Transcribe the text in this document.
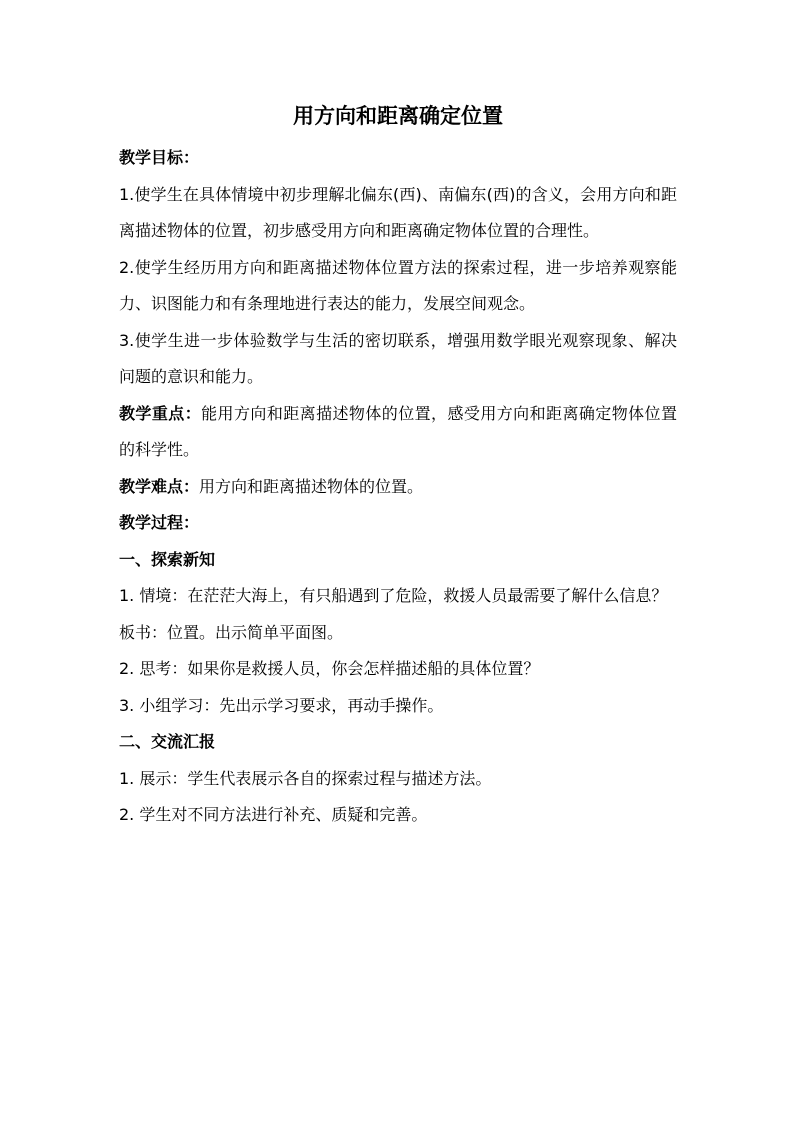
用方向和距离确定位置

教学目标：

1.使学生在具体情境中初步理解北偏东(西)、南偏东(西)的含义，会用方向和距离描述物体的位置，初步感受用方向和距离确定物体位置的合理性。

2.使学生经历用方向和距离描述物体位置方法的探索过程，进一步培养观察能力、识图能力和有条理地进行表达的能力，发展空间观念。

3.使学生进一步体验数学与生活的密切联系，增强用数学眼光观察现象、解决问题的意识和能力。

教学重点：能用方向和距离描述物体的位置，感受用方向和距离确定物体位置的科学性。

教学难点：用方向和距离描述物体的位置。

教学过程：

一、探索新知

1. 情境：在茫茫大海上，有只船遇到了危险，救援人员最需要了解什么信息？

板书：位置。出示简单平面图。

2. 思考：如果你是救援人员，你会怎样描述船的具体位置？

3. 小组学习：先出示学习要求，再动手操作。

二、交流汇报

1. 展示：学生代表展示各自的探索过程与描述方法。

2. 学生对不同方法进行补充、质疑和完善。
